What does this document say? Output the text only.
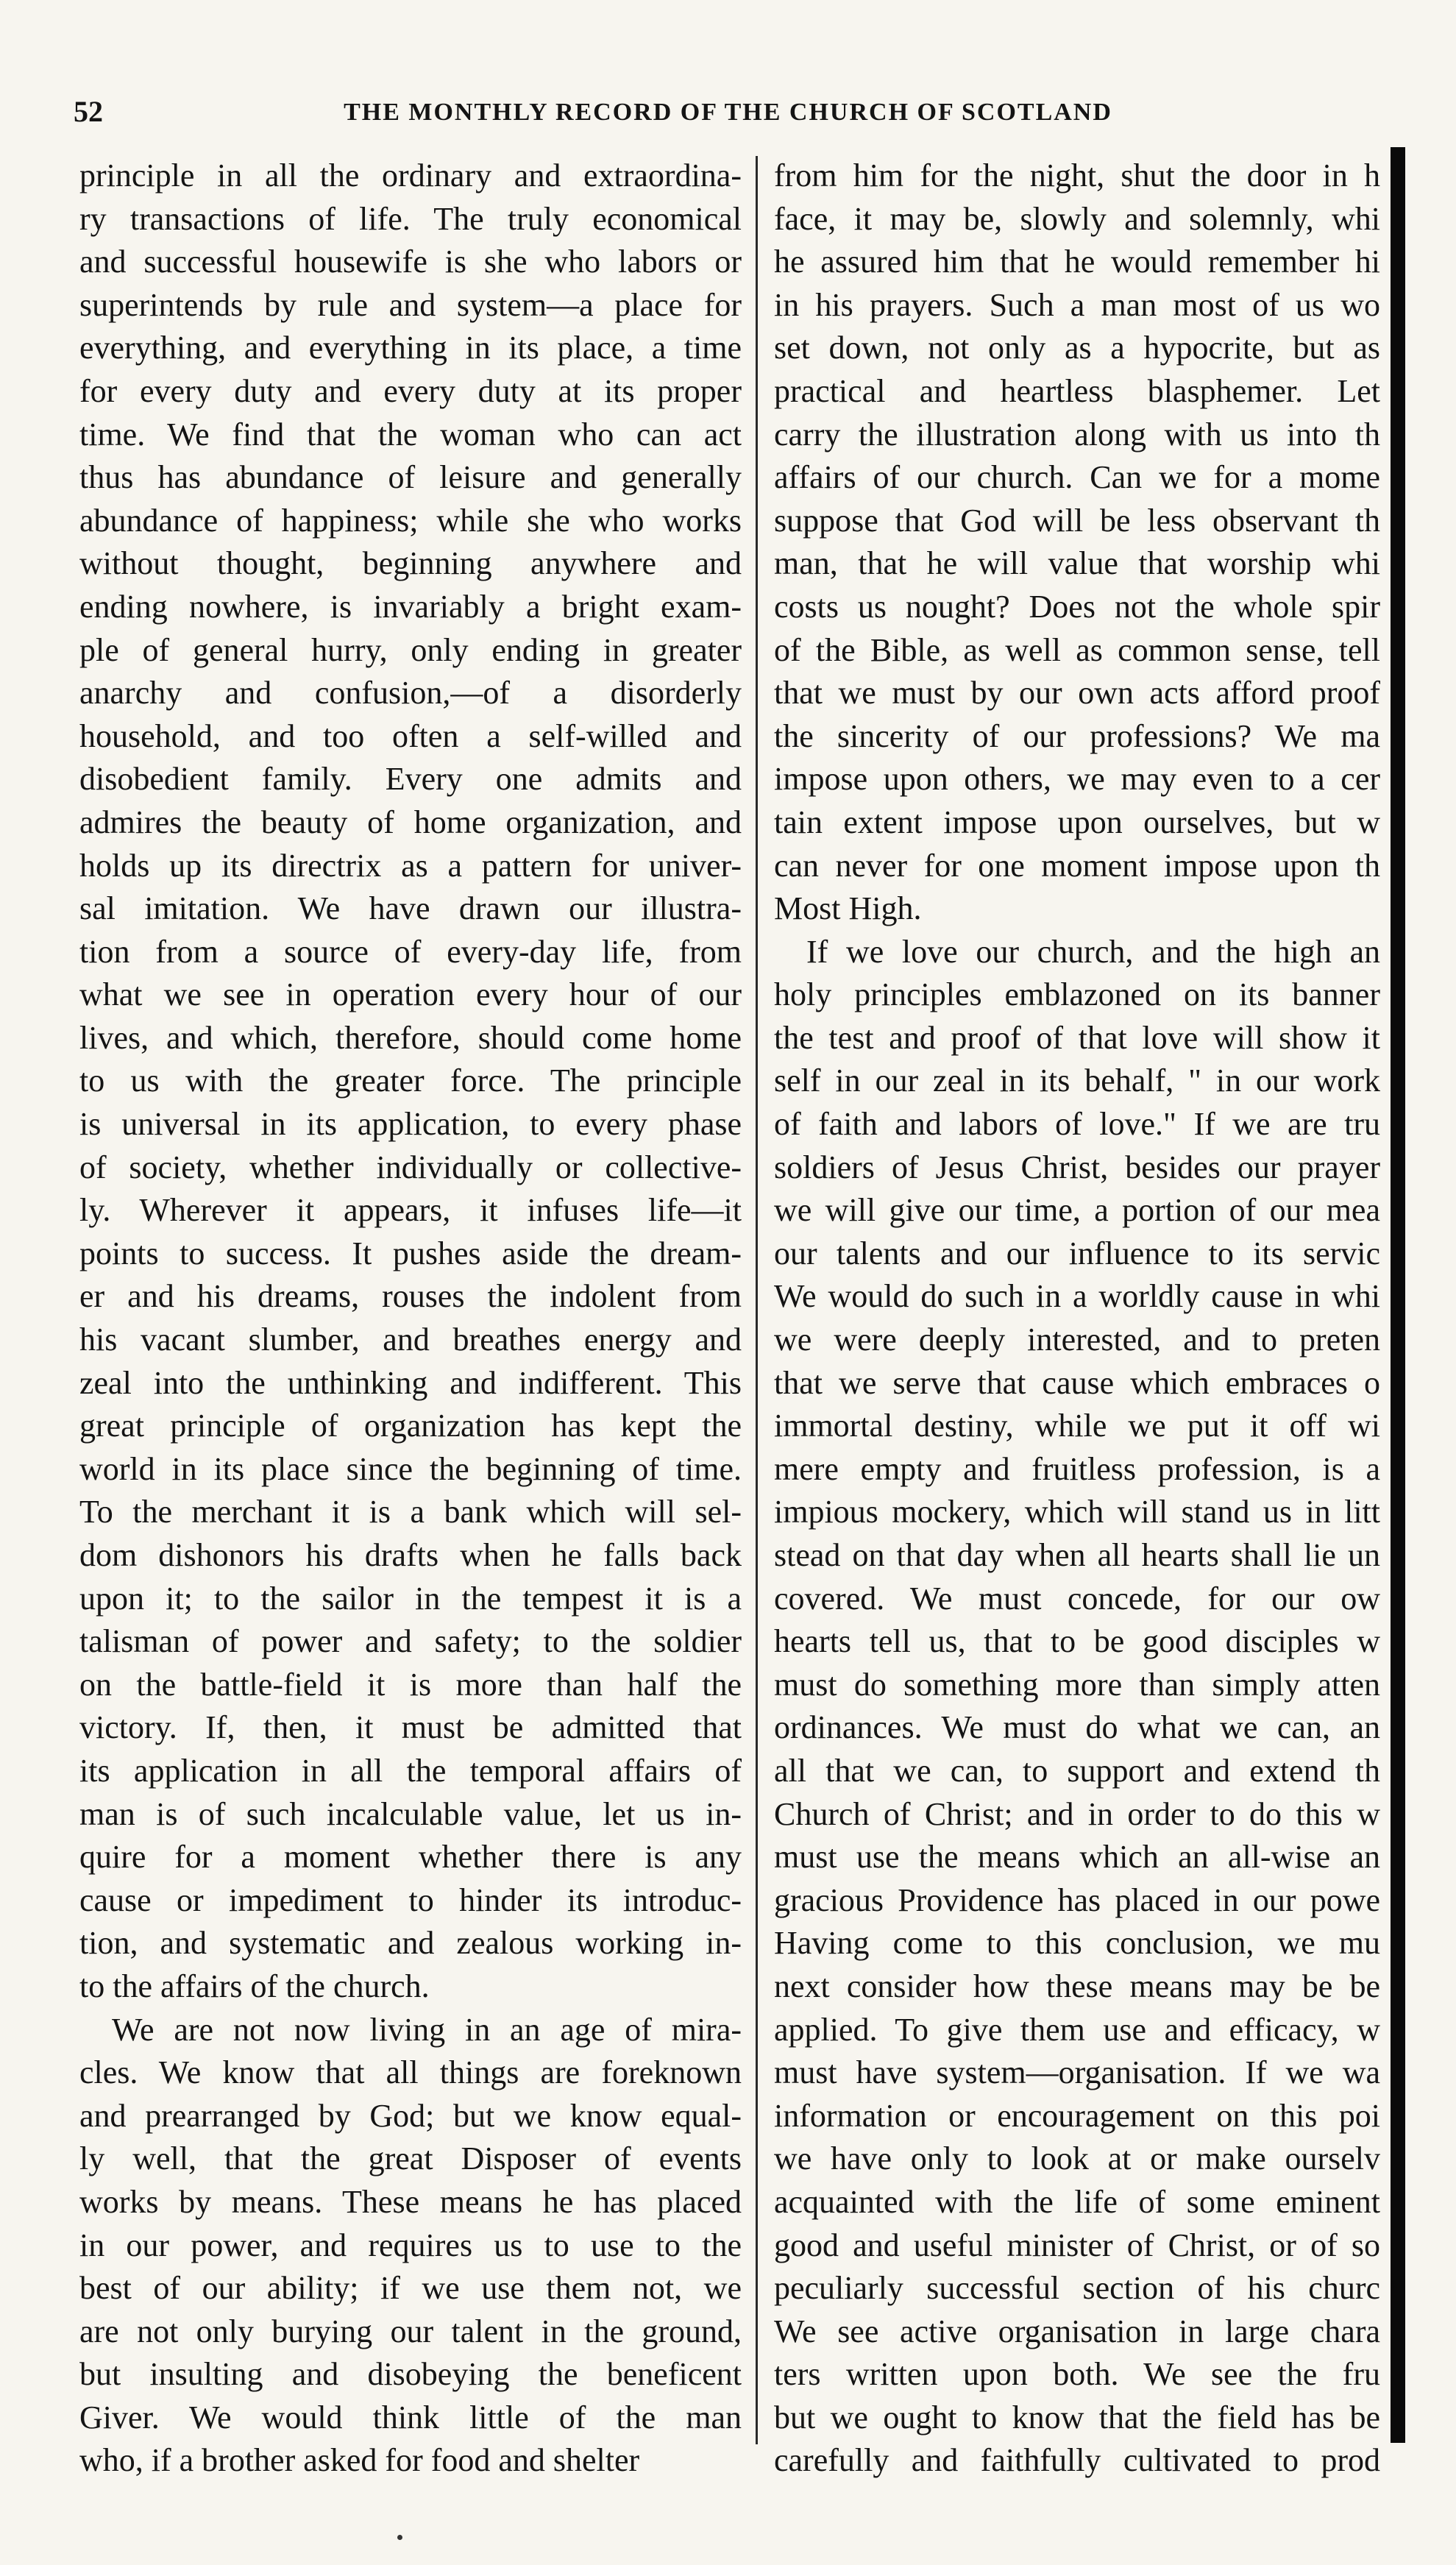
52	THE MONTHLY RECORD OF THE CHURCH OF SCOTLAND
principle in all the ordinary and extraordina-
ry transactions of life. The truly economical
and successful housewife is she who labors or
superintends by rule and system—a place for
everything, and everything in its place, a time
for every duty and every duty at its proper
time. We find that the woman who can act
thus has abundance of leisure and generally
abundance of happiness; while she who works
without thought, beginning anywhere and
ending nowhere, is invariably a bright exam-
ple of general hurry, only ending in greater
anarchy and confusion,—of a disorderly
household, and too often a self-willed and
disobedient family. Every one admits and
admires the beauty of home organization, and
holds up its directrix as a pattern for univer-
sal imitation. We have drawn our illustra-
tion from a source of every-day life, from
what we see in operation every hour of our
lives, and which, therefore, should come home
to us with the greater force. The principle
is universal in its application, to every phase
of society, whether individually or collective-
ly. Wherever it appears, it infuses life—it
points to success. It pushes aside the dream-
er and his dreams, rouses the indolent from
his vacant slumber, and breathes energy and
zeal into the unthinking and indifferent. This
great principle of organization has kept the
world in its place since the beginning of time.
To the merchant it is a bank which will sel-
dom dishonors his drafts when he falls back
upon it; to the sailor in the tempest it is a
talisman of power and safety; to the soldier
on the battle-field it is more than half the
victory. If, then, it must be admitted that
its application in all the temporal affairs of
man is of such incalculable value, let us in-
quire for a moment whether there is any
cause or impediment to hinder its introduc-
tion, and systematic and zealous working in-
to the affairs of the church.
We are not now living in an age of mira-
cles. We know that all things are foreknown
and prearranged by God; but we know equal-
ly well, that the great Disposer of events
works by means. These means he has placed
in our power, and requires us to use to the
best of our ability; if we use them not, we
are not only burying our talent in the ground,
but insulting and disobeying the beneficent
Giver. We would think little of the man
who, if a brother asked for food and shelter
from him for the night, shut the door in h
face, it may be, slowly and solemnly, whi
he assured him that he would remember hi
in his prayers. Such a man most of us wo
set down, not only as a hypocrite, but as
practical and heartless blasphemer. Let
carry the illustration along with us into th
affairs of our church. Can we for a mome
suppose that God will be less observant th
man, that he will value that worship whi
costs us nought? Does not the whole spir
of the Bible, as well as common sense, tell
that we must by our own acts afford proof
the sincerity of our professions? We ma
impose upon others, we may even to a cer
tain extent impose upon ourselves, but w
can never for one moment impose upon th
Most High.
If we love our church, and the high an
holy principles emblazoned on its banner
the test and proof of that love will show it
self in our zeal in its behalf, " in our work
of faith and labors of love." If we are tru
soldiers of Jesus Christ, besides our prayer
we will give our time, a portion of our mea
our talents and our influence to its servic
We would do such in a worldly cause in whi
we were deeply interested, and to preten
that we serve that cause which embraces o
immortal destiny, while we put it off wi
mere empty and fruitless profession, is a
impious mockery, which will stand us in litt
stead on that day when all hearts shall lie un
covered. We must concede, for our ow
hearts tell us, that to be good disciples w
must do something more than simply atten
ordinances. We must do what we can, an
all that we can, to support and extend th
Church of Christ; and in order to do this w
must use the means which an all-wise an
gracious Providence has placed in our powe
Having come to this conclusion, we mu
next consider how these means may be be
applied. To give them use and efficacy, w
must have system—organisation. If we wa
information or encouragement on this poi
we have only to look at or make ourselv
acquainted with the life of some eminent
good and useful minister of Christ, or of so
peculiarly successful section of his churc
We see active organisation in large chara
ters written upon both. We see the fru
but we ought to know that the field has be
carefully and faithfully cultivated to prod
